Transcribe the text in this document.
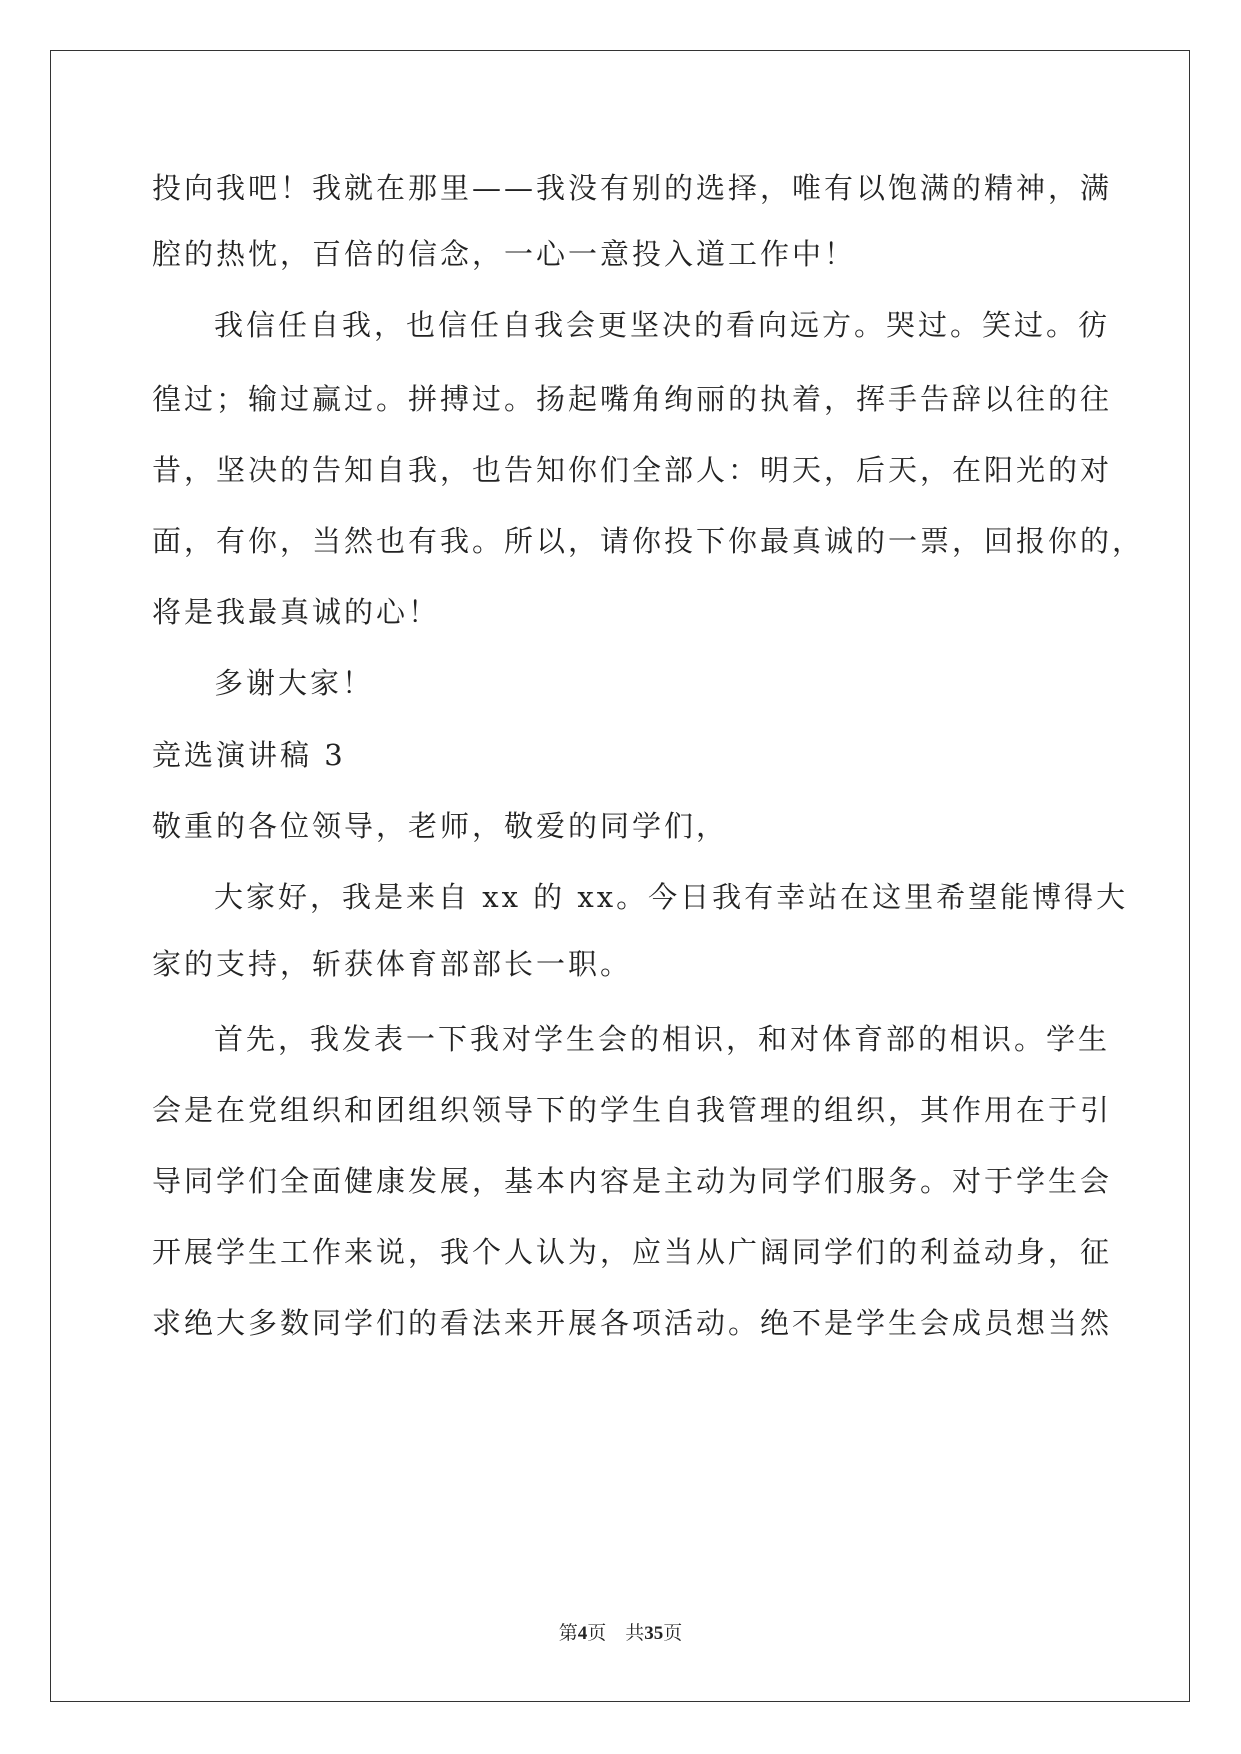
投向我吧！我就在那里——我没有别的选择，唯有以饱满的精神，满

腔的热忱，百倍的信念，一心一意投入道工作中！

我信任自我，也信任自我会更坚决的看向远方。哭过。笑过。彷

徨过；输过赢过。拼搏过。扬起嘴角绚丽的执着，挥手告辞以往的往

昔，坚决的告知自我，也告知你们全部人：明天，后天，在阳光的对

面，有你，当然也有我。所以，请你投下你最真诚的一票，回报你的，

将是我最真诚的心！

多谢大家！

竞选演讲稿 3

敬重的各位领导，老师，敬爱的同学们，

大家好，我是来自 xx 的 xx。今日我有幸站在这里希望能博得大

家的支持，斩获体育部部长一职。

首先，我发表一下我对学生会的相识，和对体育部的相识。学生

会是在党组织和团组织领导下的学生自我管理的组织，其作用在于引

导同学们全面健康发展，基本内容是主动为同学们服务。对于学生会

开展学生工作来说，我个人认为，应当从广阔同学们的利益动身，征

求绝大多数同学们的看法来开展各项活动。绝不是学生会成员想当然

第4页 共35页
